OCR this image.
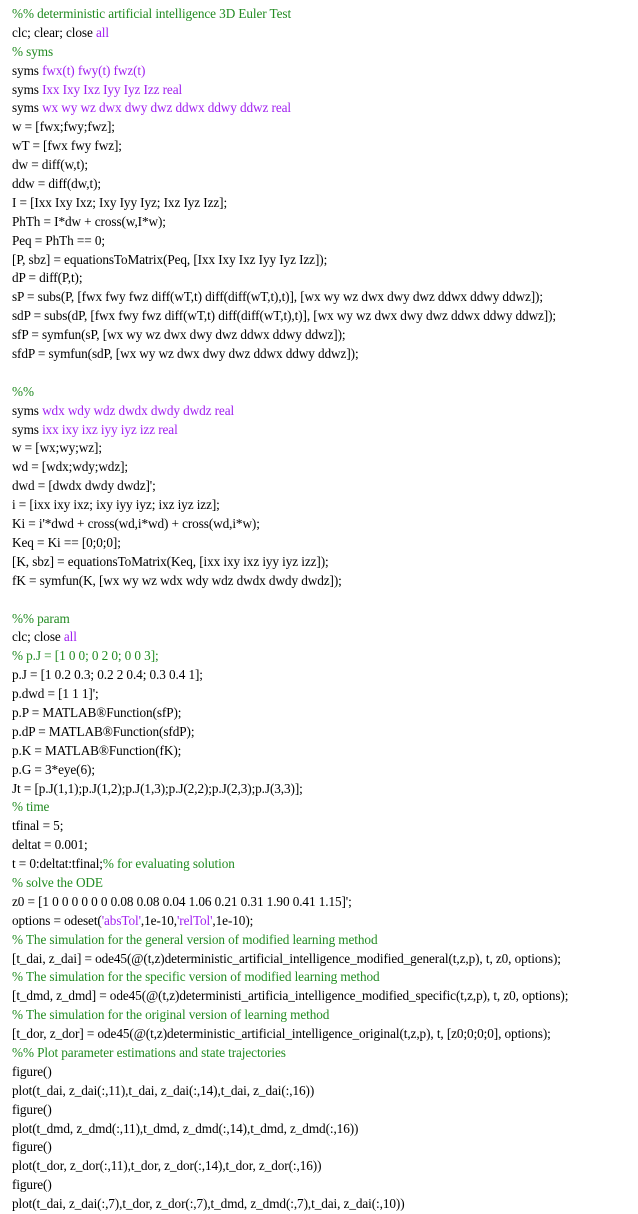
%% deterministic artificial intelligence 3D Euler Test
clc; clear; close all
% syms
syms fwx(t) fwy(t) fwz(t)
syms Ixx Ixy Ixz Iyy Iyz Izz real
syms wx wy wz dwx dwy dwz ddwx ddwy ddwz real
w = [fwx;fwy;fwz];
wT = [fwx fwy fwz];
dw = diff(w,t);
ddw = diff(dw,t);
I = [Ixx Ixy Ixz; Ixy Iyy Iyz; Ixz Iyz Izz];
PhTh = I*dw + cross(w,I*w);
Peq = PhTh == 0;
[P, sbz] = equationsToMatrix(Peq, [Ixx Ixy Ixz Iyy Iyz Izz]);
dP = diff(P,t);
sP = subs(P, [fwx fwy fwz diff(wT,t) diff(diff(wT,t),t)], [wx wy wz dwx dwy dwz ddwx ddwy ddwz]);
sdP = subs(dP, [fwx fwy fwz diff(wT,t) diff(diff(wT,t),t)], [wx wy wz dwx dwy dwz ddwx ddwy ddwz]);
sfP = symfun(sP, [wx wy wz dwx dwy dwz ddwx ddwy ddwz]);
sfdP = symfun(sdP, [wx wy wz dwx dwy dwz ddwx ddwy ddwz]);

%%
syms wdx wdy wdz dwdx dwdy dwdz real
syms ixx ixy ixz iyy iyz izz real
w = [wx;wy;wz];
wd = [wdx;wdy;wdz];
dwd = [dwdx dwdy dwdz]';
i = [ixx ixy ixz; ixy iyy iyz; ixz iyz izz];
Ki = i'*dwd + cross(wd,i*wd) + cross(wd,i*w);
Keq = Ki == [0;0;0];
[K, sbz] = equationsToMatrix(Keq, [ixx ixy ixz iyy iyz izz]);
fK = symfun(K, [wx wy wz wdx wdy wdz dwdx dwdy dwdz]);

%% param
clc; close all
% p.J = [1 0 0; 0 2 0; 0 0 3];
p.J = [1 0.2 0.3; 0.2 2 0.4; 0.3 0.4 1];
p.dwd = [1 1 1]';
p.P = MATLAB®Function(sfP);
p.dP = MATLAB®Function(sfdP);
p.K = MATLAB®Function(fK);
p.G = 3*eye(6);
Jt = [p.J(1,1);p.J(1,2);p.J(1,3);p.J(2,2);p.J(2,3);p.J(3,3)];
% time
tfinal = 5;
deltat = 0.001;
t = 0:deltat:tfinal;% for evaluating solution
% solve the ODE
z0 = [1 0 0 0 0 0 0 0.08 0.08 0.04 1.06 0.21 0.31 1.90 0.41 1.15]';
options = odeset('absTol',1e-10,'relTol',1e-10);
% The simulation for the general version of modified learning method
[t_dai, z_dai] = ode45(@(t,z)deterministic_artificial_intelligence_modified_general(t,z,p), t, z0, options);
% The simulation for the specific version of modified learning method
[t_dmd, z_dmd] = ode45(@(t,z)deterministi_artificia_intelligence_modified_specific(t,z,p), t, z0, options);
% The simulation for the original version of learning method
[t_dor, z_dor] = ode45(@(t,z)deterministic_artificial_intelligence_original(t,z,p), t, [z0;0;0;0], options);
%% Plot parameter estimations and state trajectories
figure()
plot(t_dai, z_dai(:,11),t_dai, z_dai(:,14),t_dai, z_dai(:,16))
figure()
plot(t_dmd, z_dmd(:,11),t_dmd, z_dmd(:,14),t_dmd, z_dmd(:,16))
figure()
plot(t_dor, z_dor(:,11),t_dor, z_dor(:,14),t_dor, z_dor(:,16))
figure()
plot(t_dai, z_dai(:,7),t_dor, z_dor(:,7),t_dmd, z_dmd(:,7),t_dai, z_dai(:,10))
